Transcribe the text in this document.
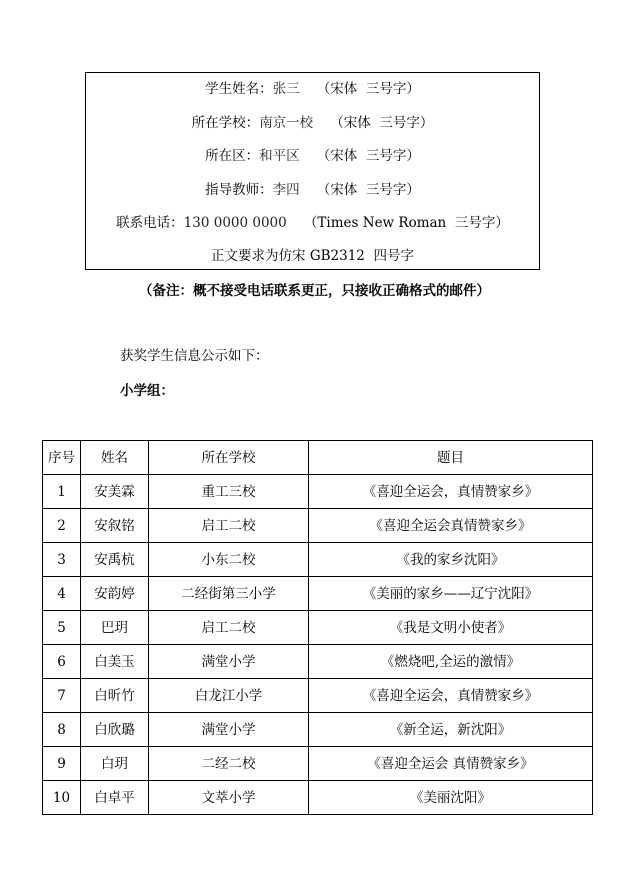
学生姓名：张三 （宋体  三号字）
所在学校：南京一校 （宋体  三号字）
所在区：和平区 （宋体  三号字）
指导教师：李四 （宋体  三号字）
联系电话：130 0000 0000 （Times New Roman  三号字）
正文要求为仿宋 GB2312  四号字
（备注：概不接受电话联系更正，只接收正确格式的邮件）
获奖学生信息公示如下：
小学组：
序号	姓名	所在学校	题目
1	安美霖	重工三校	《喜迎全运会，真情赞家乡》
2	安叙铭	启工二校	《喜迎全运会真情赞家乡》
3	安禹杭	小东二校	《我的家乡沈阳》
4	安韵婷	二经街第三小学	《美丽的家乡——辽宁沈阳》
5	巴玥	启工二校	《我是文明小使者》
6	白美玉	满堂小学	《燃烧吧,全运的激情》
7	白昕竹	白龙江小学	《喜迎全运会，真情赞家乡》
8	白欣璐	满堂小学	《新全运，新沈阳》
9	白玥	二经二校	《喜迎全运会 真情赞家乡》
10	白卓平	文萃小学	《美丽沈阳》
